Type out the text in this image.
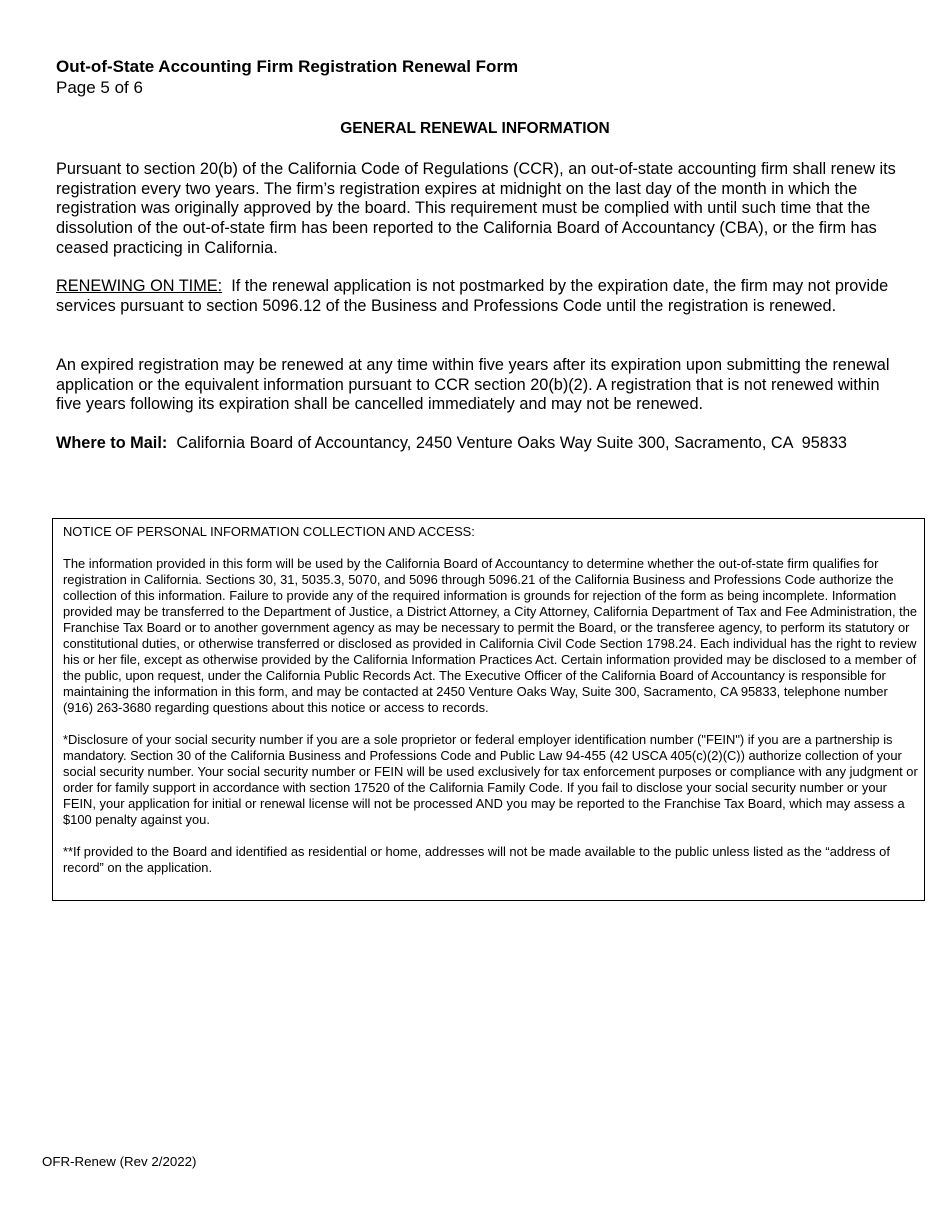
Out-of-State Accounting Firm Registration Renewal Form
Page 5 of 6
GENERAL RENEWAL INFORMATION

Pursuant to section 20(b) of the California Code of Regulations (CCR), an out-of-state accounting firm shall renew its registration every two years. The firm’s registration expires at midnight on the last day of the month in which the registration was originally approved by the board. This requirement must be complied with until such time that the dissolution of the out-of-state firm has been reported to the California Board of Accountancy (CBA), or the firm has ceased practicing in California.

RENEWING ON TIME:  If the renewal application is not postmarked by the expiration date, the firm may not provide services pursuant to section 5096.12 of the Business and Professions Code until the registration is renewed.

An expired registration may be renewed at any time within five years after its expiration upon submitting the renewal application or the equivalent information pursuant to CCR section 20(b)(2). A registration that is not renewed within five years following its expiration shall be cancelled immediately and may not be renewed.

Where to Mail:  California Board of Accountancy, 2450 Venture Oaks Way Suite 300, Sacramento, CA  95833

NOTICE OF PERSONAL INFORMATION COLLECTION AND ACCESS:

The information provided in this form will be used by the California Board of Accountancy to determine whether the out-of-state firm qualifies for registration in California. Sections 30, 31, 5035.3, 5070, and 5096 through 5096.21 of the California Business and Professions Code authorize the collection of this information. Failure to provide any of the required information is grounds for rejection of the form as being incomplete. Information provided may be transferred to the Department of Justice, a District Attorney, a City Attorney, California Department of Tax and Fee Administration, the Franchise Tax Board or to another government agency as may be necessary to permit the Board, or the transferee agency, to perform its statutory or constitutional duties, or otherwise transferred or disclosed as provided in California Civil Code Section 1798.24. Each individual has the right to review his or her file, except as otherwise provided by the California Information Practices Act. Certain information provided may be disclosed to a member of the public, upon request, under the California Public Records Act. The Executive Officer of the California Board of Accountancy is responsible for maintaining the information in this form, and may be contacted at 2450 Venture Oaks Way, Suite 300, Sacramento, CA 95833, telephone number (916) 263-3680 regarding questions about this notice or access to records.

*Disclosure of your social security number if you are a sole proprietor or federal employer identification number ("FEIN") if you are a partnership is mandatory. Section 30 of the California Business and Professions Code and Public Law 94-455 (42 USCA 405(c)(2)(C)) authorize collection of your social security number. Your social security number or FEIN will be used exclusively for tax enforcement purposes or compliance with any judgment or order for family support in accordance with section 17520 of the California Family Code. If you fail to disclose your social security number or your FEIN, your application for initial or renewal license will not be processed AND you may be reported to the Franchise Tax Board, which may assess a $100 penalty against you.

**If provided to the Board and identified as residential or home, addresses will not be made available to the public unless listed as the “address of record” on the application.

OFR-Renew (Rev 2/2022)
